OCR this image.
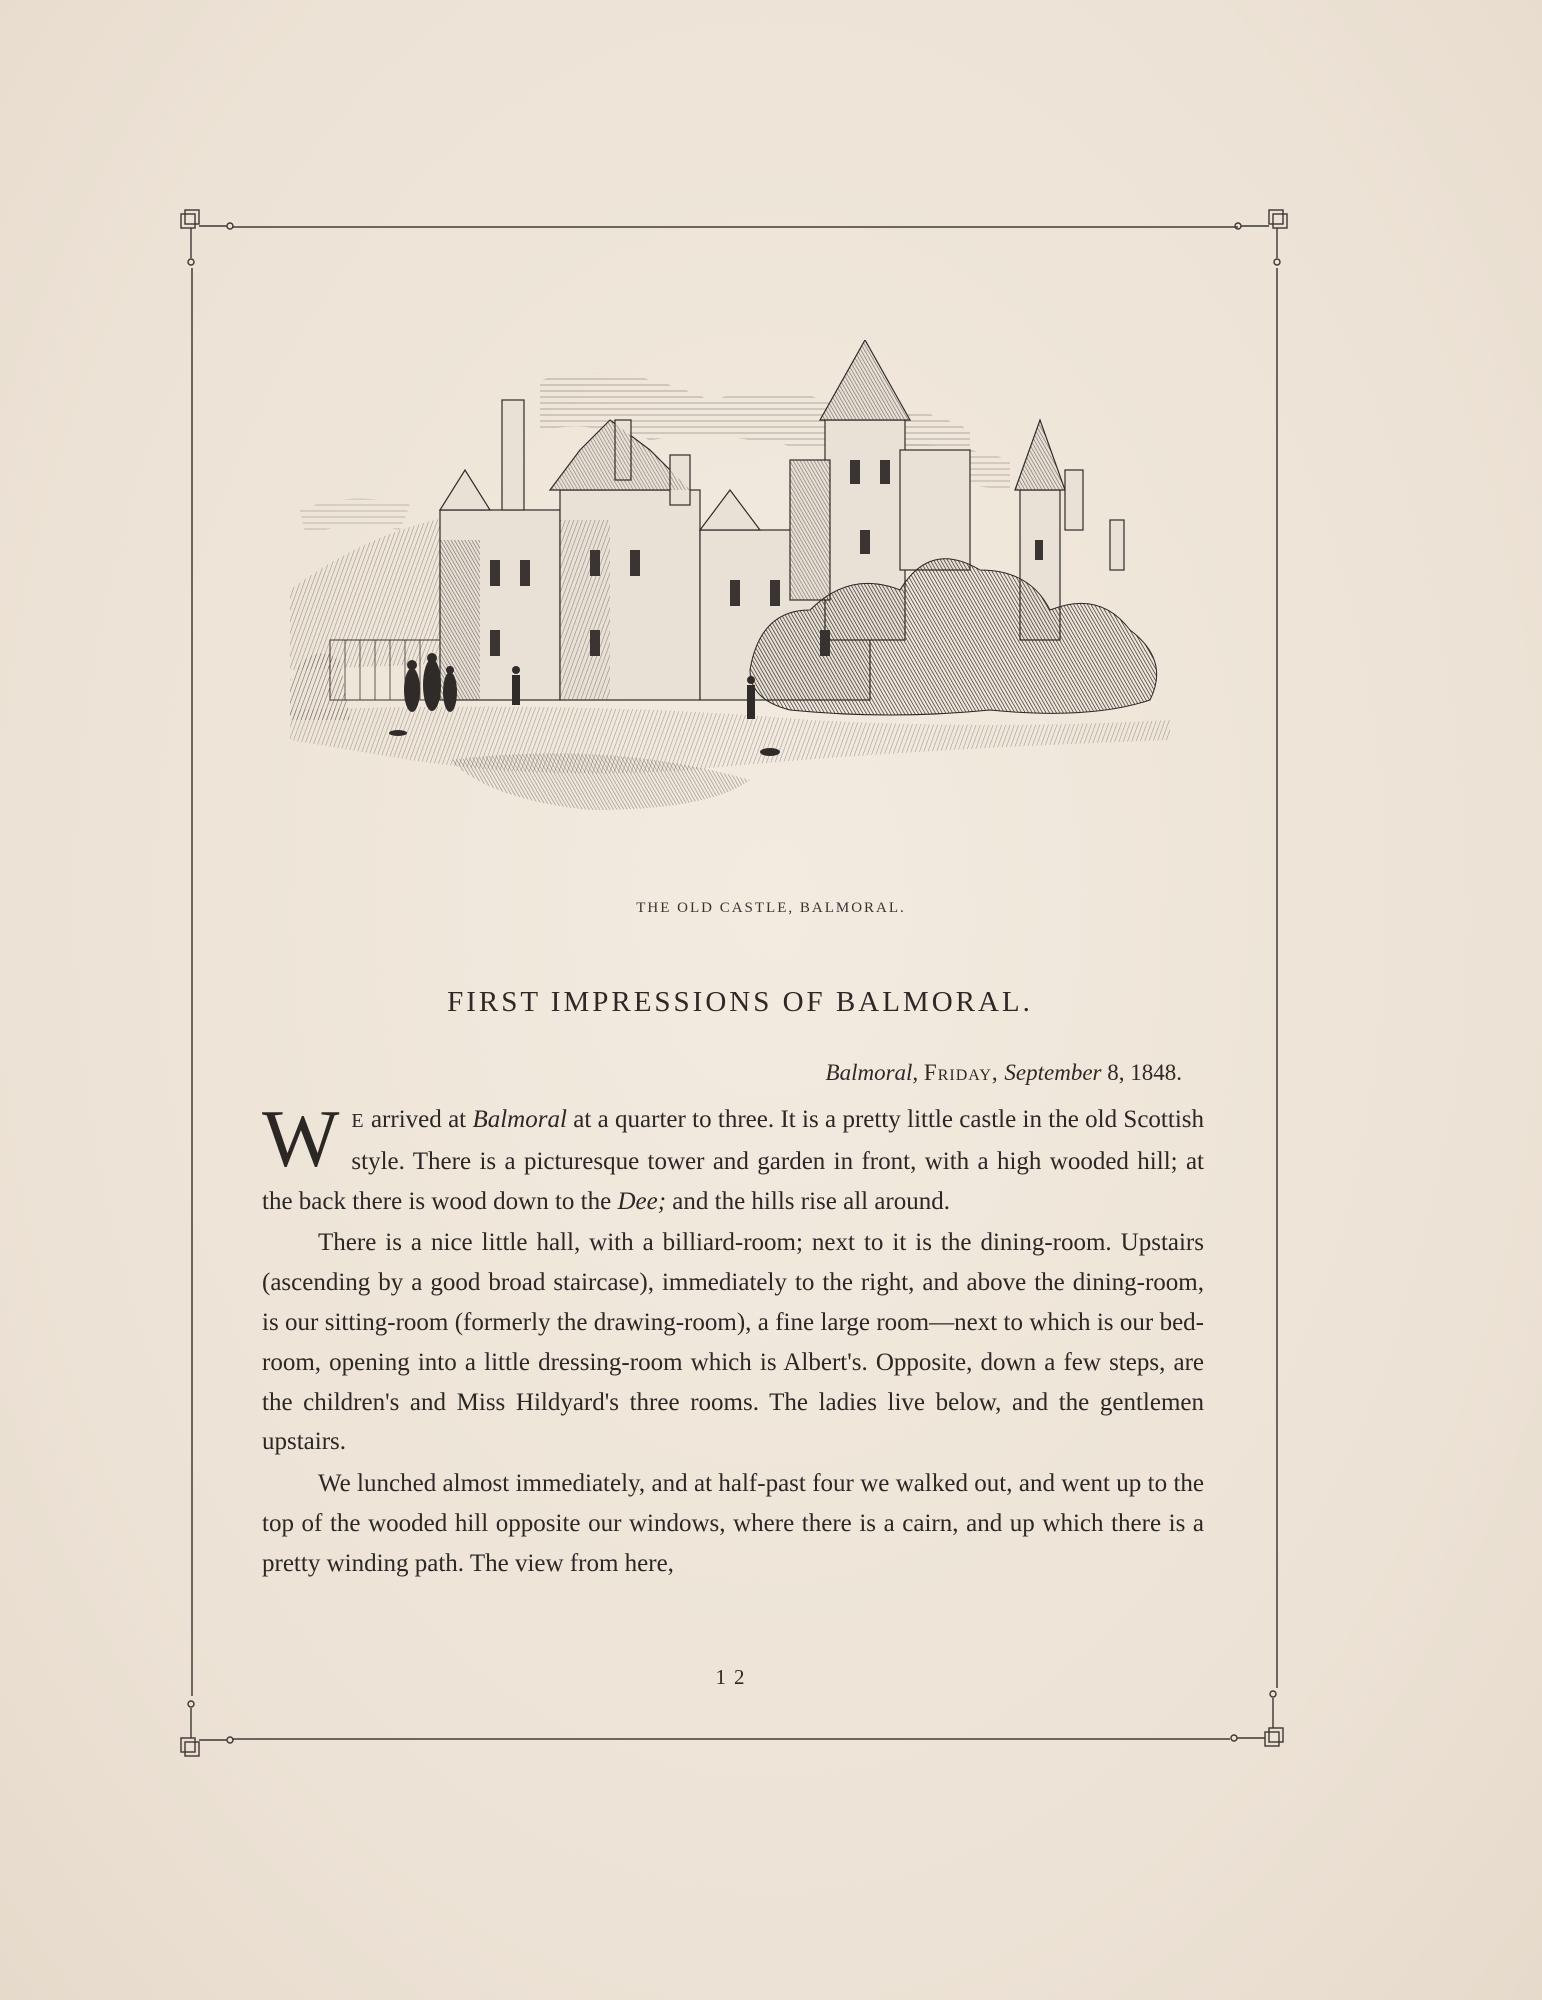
THE OLD CASTLE, BALMORAL.
FIRST IMPRESSIONS OF BALMORAL.
Balmoral, Friday, September 8, 1848.

W E arrived at Balmoral at a quarter to three. It is a pretty little castle in the old Scottish style. There is a picturesque tower and garden in front, with a high wooded hill; at the back there is wood down to the Dee; and the hills rise all around.

There is a nice little hall, with a billiard-room; next to it is the dining-room. Upstairs (ascending by a good broad staircase), immediately to the right, and above the dining-room, is our sitting-room (formerly the drawing-room), a fine large room—next to which is our bed-room, opening into a little dressing-room which is Albert's. Opposite, down a few steps, are the children's and Miss Hildyard's three rooms. The ladies live below, and the gentlemen upstairs.

We lunched almost immediately, and at half-past four we walked out, and went up to the top of the wooded hill opposite our windows, where there is a cairn, and up which there is a pretty winding path. The view from here,

12
